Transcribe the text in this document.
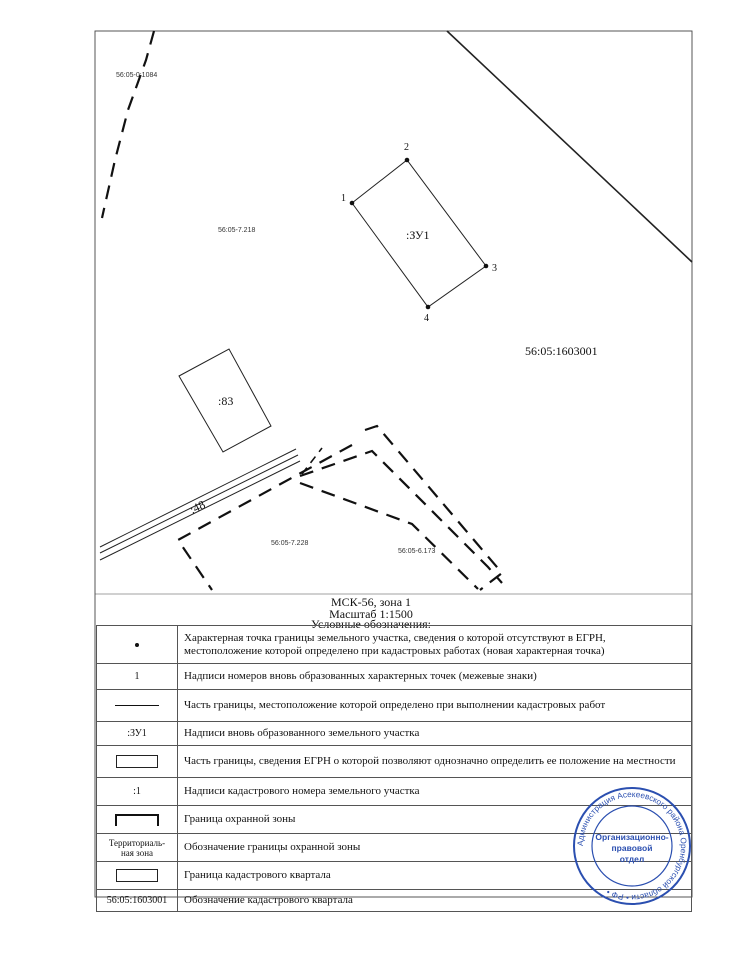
56:05-0:1084
56:05-7.218
56:05-7.228
56:05-6.173
:ЗУ1
1
2
3
4
:83
:48
56:05:1603001
МСК-56, зона 1
Масштаб 1:1500
Условные обозначения:
	Характерная точка границы земельного участка, сведения о которой отсутствуют в ЕГРН, местоположение которой определено при кадастровых работах (новая характерная точка)
1	Надписи номеров вновь образованных характерных точек (межевые знаки)
	Часть границы, местоположение которой определено при выполнении кадастровых работ
:ЗУ1	Надписи вновь образованного земельного участка
	Часть границы, сведения ЕГРН о которой позволяют однозначно определить ее положение на местности
:1	Надписи кадастрового номера земельного участка
	Граница охранной зоны
Территориаль-ная зона	Обозначение границы охранной зоны
	Граница кадастрового квартала
56:05:1603001	Обозначение кадастрового квартала
Администрация Асекеевского района Оренбургской области • РФ •
Организационно-
правовой
отдел
